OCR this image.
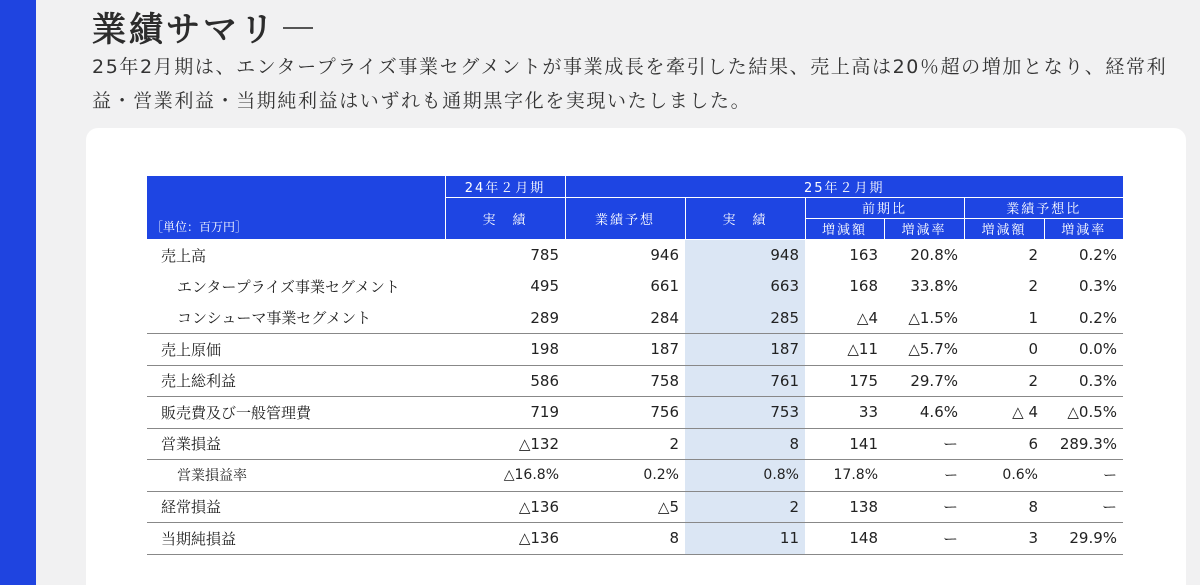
業績サマリ

25年2月期は、エンタープライズ事業セグメントが事業成長を牽引した結果、売上高は20％超の増加となり、経常利益・営業利益・当期純利益はいずれも通期黒字化を実現いたしました。

［単位：百万円］	24年２月期	25年２月期					
	実　績	業績予想	実　績	前期比		業績予想比	
				増減額	増減率	増減額	増減率
売上高	785	946	948	163	20.8%	2	0.2%
エンタープライズ事業セグメント	495	661	663	168	33.8%	2	0.3%
コンシューマ事業セグメント	289	284	285	△4	△1.5%	1	0.2%
売上原価	198	187	187	△11	△5.7%	0	0.0%
売上総利益	586	758	761	175	29.7%	2	0.3%
販売費及び一般管理費	719	756	753	33	4.6%	△ 4	△0.5%
営業損益	△132	2	8	141	ー	6	289.3%
営業損益率	△16.8%	0.2%	0.8%	17.8%	ー	0.6%	ー
経常損益	△136	△5	2	138	ー	8	ー
当期純損益	△136	8	11	148	ー	3	29.9%
